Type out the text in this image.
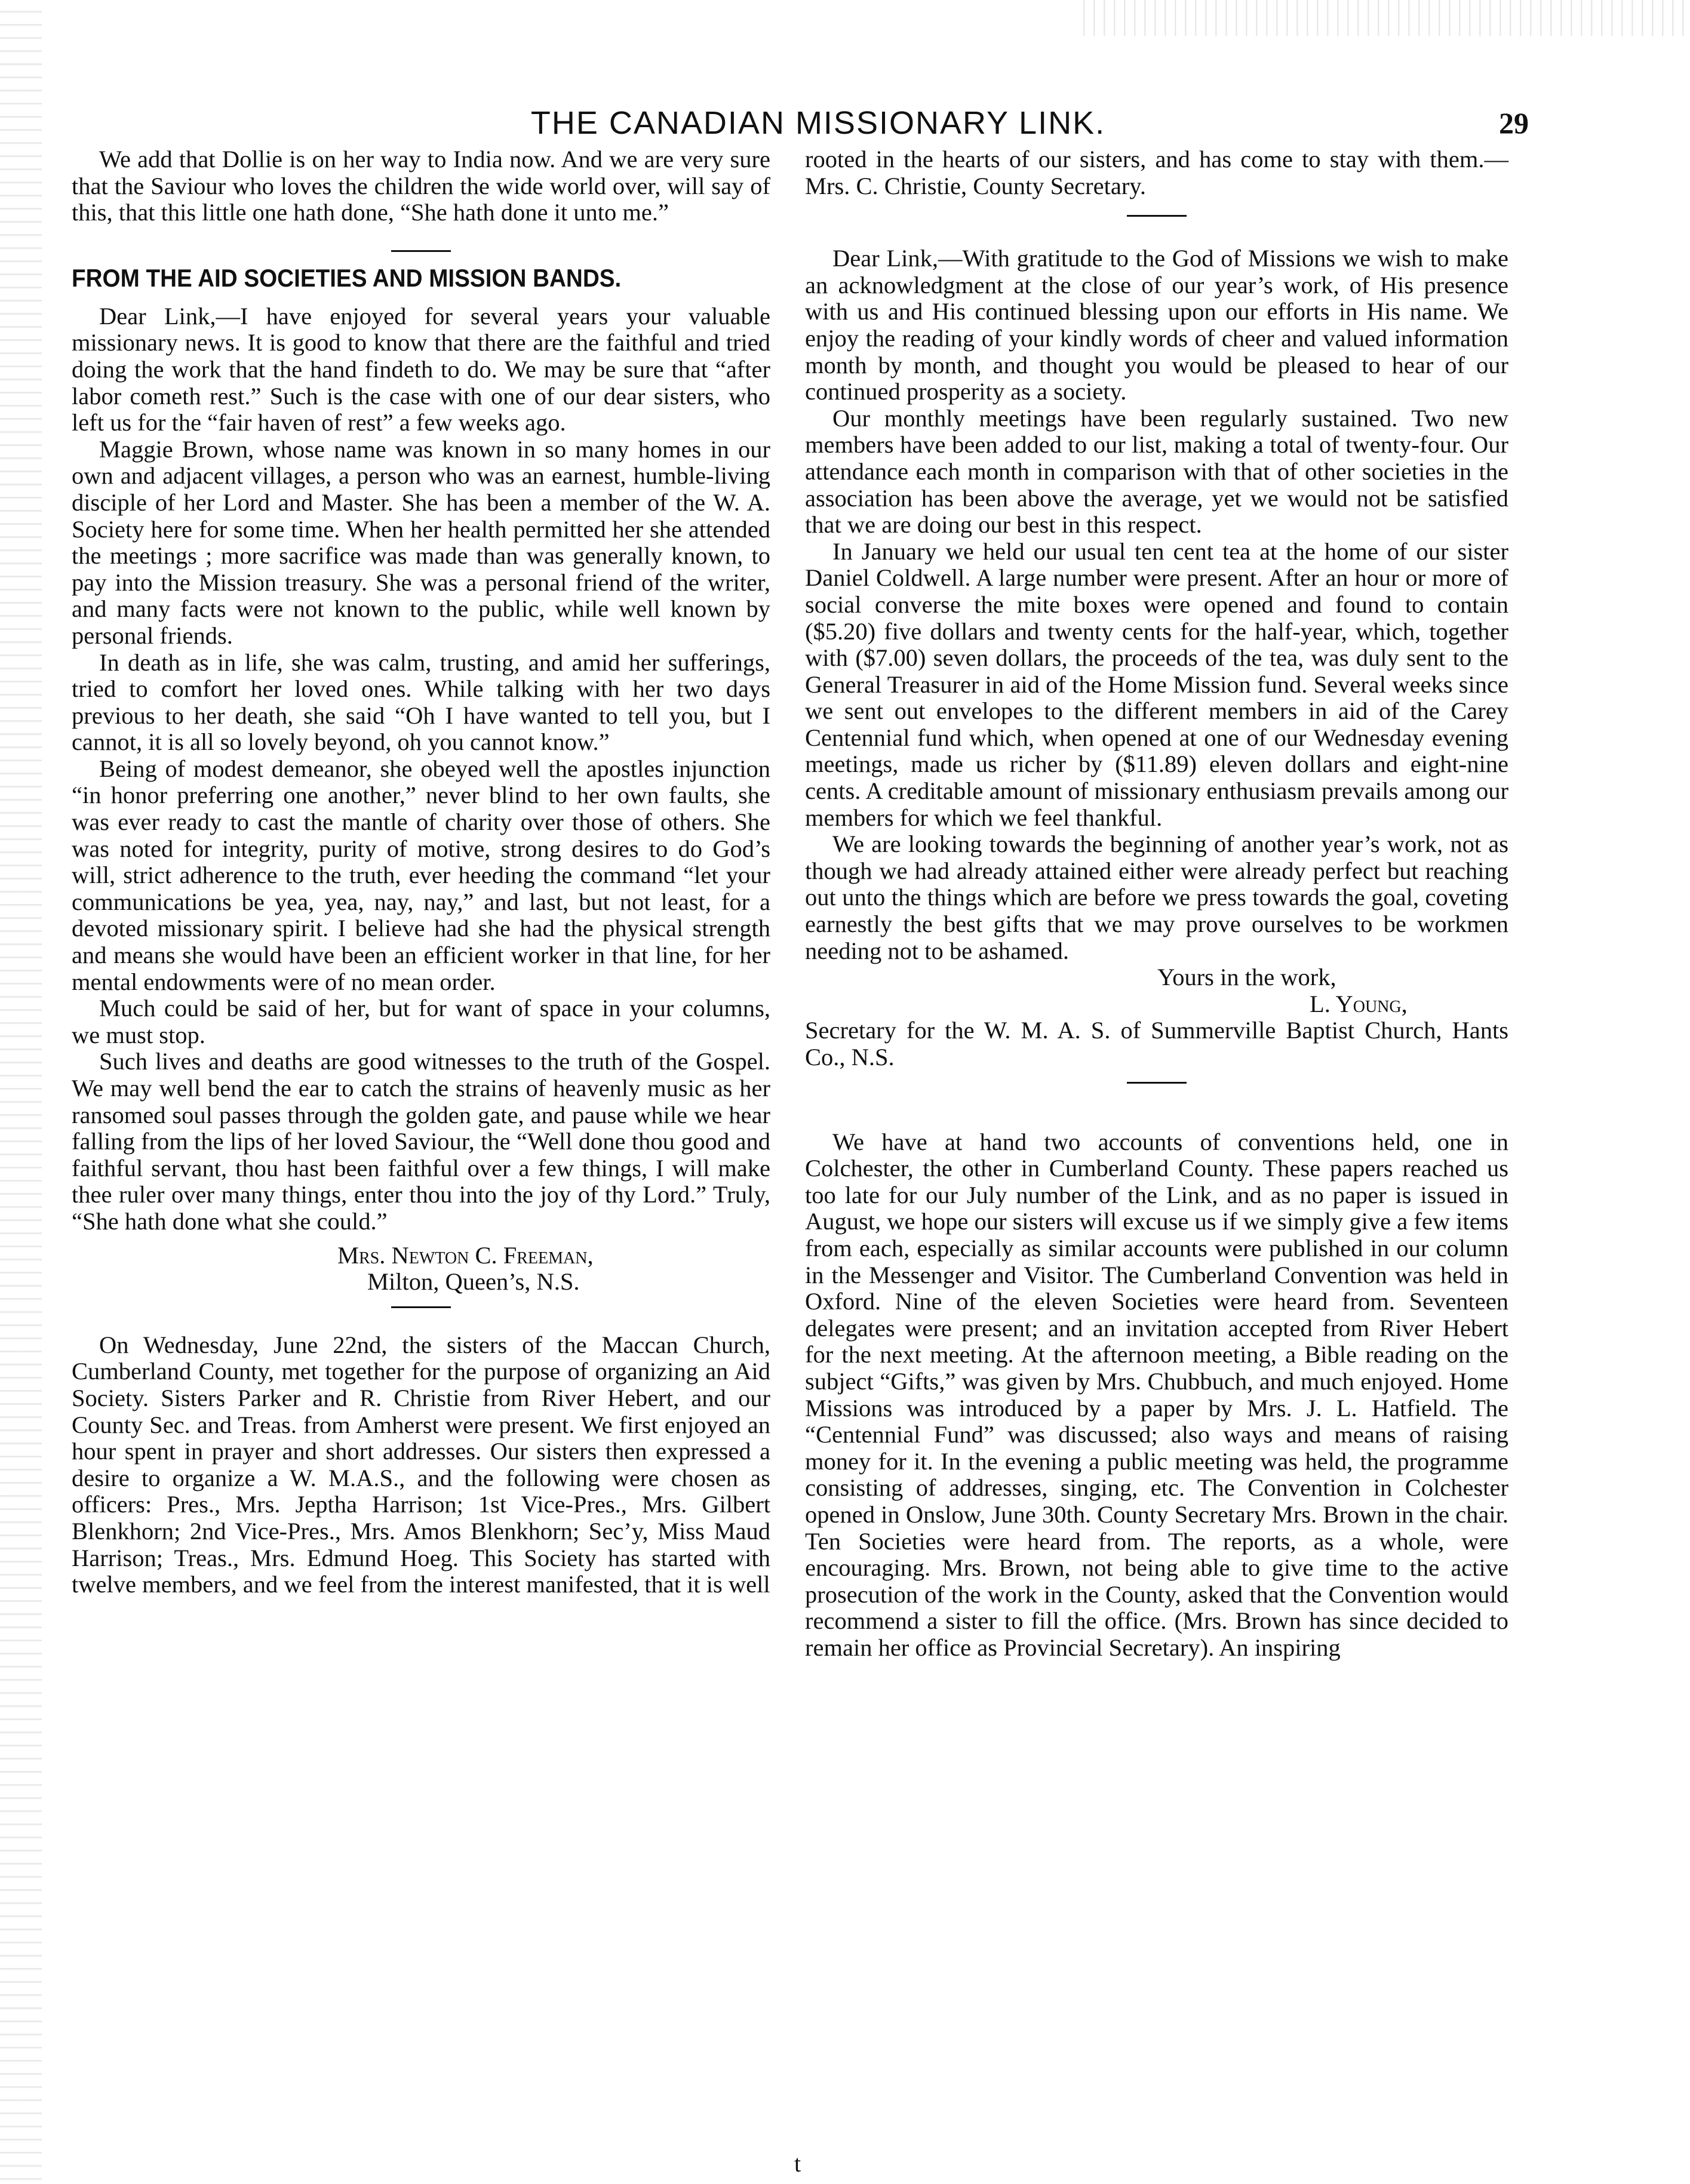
THE CANADIAN MISSIONARY LINK.	29

We add that Dollie is on her way to India now. And we are very sure that the Saviour who loves the children the wide world over, will say of this, that this little one hath done, “She hath done it unto me.”

FROM THE AID SOCIETIES AND MISSION BANDS.

Dear Link,—I have enjoyed for several years your valuable missionary news. It is good to know that there are the faithful and tried doing the work that the hand findeth to do. We may be sure that “after labor cometh rest.” Such is the case with one of our dear sisters, who left us for the “fair haven of rest” a few weeks ago.

Maggie Brown, whose name was known in so many homes in our own and adjacent villages, a person who was an earnest, humble-living disciple of her Lord and Master. She has been a member of the W. A. Society here for some time. When her health permitted her she attended the meetings ; more sacrifice was made than was generally known, to pay into the Mission treasury. She was a personal friend of the writer, and many facts were not known to the public, while well known by personal friends.

In death as in life, she was calm, trusting, and amid her sufferings, tried to comfort her loved ones. While talking with her two days previous to her death, she said “Oh I have wanted to tell you, but I cannot, it is all so lovely beyond, oh you cannot know.”

Being of modest demeanor, she obeyed well the apostles injunction “in honor preferring one another,” never blind to her own faults, she was ever ready to cast the mantle of charity over those of others. She was noted for integrity, purity of motive, strong desires to do God’s will, strict adherence to the truth, ever heeding the command “let your communications be yea, yea, nay, nay,” and last, but not least, for a devoted missionary spirit. I believe had she had the physical strength and means she would have been an efficient worker in that line, for her mental endowments were of no mean order.

Much could be said of her, but for want of space in your columns, we must stop.

Such lives and deaths are good witnesses to the truth of the Gospel. We may well bend the ear to catch the strains of heavenly music as her ransomed soul passes through the golden gate, and pause while we hear falling from the lips of her loved Saviour, the “Well done thou good and faithful servant, thou hast been faithful over a few things, I will make thee ruler over many things, enter thou into the joy of thy Lord.” Truly, “She hath done what she could.”

Mrs. Newton C. Freeman,

Milton, Queen’s, N.S.

On Wednesday, June 22nd, the sisters of the Maccan Church, Cumberland County, met together for the purpose of organizing an Aid Society. Sisters Parker and R. Christie from River Hebert, and our County Sec. and Treas. from Amherst were present. We first enjoyed an hour spent in prayer and short addresses. Our sisters then expressed a desire to organize a W. M.A.S., and the following were chosen as officers: Pres., Mrs. Jeptha Harrison; 1st Vice-Pres., Mrs. Gilbert Blenkhorn; 2nd Vice-Pres., Mrs. Amos Blenkhorn; Sec’y, Miss Maud Harrison; Treas., Mrs. Edmund Hoeg. This Society has started with twelve members, and we feel from the interest manifested, that it is well

rooted in the hearts of our sisters, and has come to stay with them.—Mrs. C. Christie, County Secretary.

Dear Link,—With gratitude to the God of Missions we wish to make an acknowledgment at the close of our year’s work, of His presence with us and His continued blessing upon our efforts in His name. We enjoy the reading of your kindly words of cheer and valued information month by month, and thought you would be pleased to hear of our continued prosperity as a society.

Our monthly meetings have been regularly sustained. Two new members have been added to our list, making a total of twenty-four. Our attendance each month in comparison with that of other societies in the association has been above the average, yet we would not be satisfied that we are doing our best in this respect.

In January we held our usual ten cent tea at the home of our sister Daniel Coldwell. A large number were present. After an hour or more of social converse the mite boxes were opened and found to contain ($5.20) five dollars and twenty cents for the half-year, which, together with ($7.00) seven dollars, the proceeds of the tea, was duly sent to the General Treasurer in aid of the Home Mission fund. Several weeks since we sent out envelopes to the different members in aid of the Carey Centennial fund which, when opened at one of our Wednesday evening meetings, made us richer by ($11.89) eleven dollars and eight-nine cents. A creditable amount of missionary enthusiasm prevails among our members for which we feel thankful.

We are looking towards the beginning of another year’s work, not as though we had already attained either were already perfect but reaching out unto the things which are before we press towards the goal, coveting earnestly the best gifts that we may prove ourselves to be workmen needing not to be ashamed.

Yours in the work,

L. Young,

Secretary for the W. M. A. S. of Summerville Baptist Church, Hants Co., N.S.

We have at hand two accounts of conventions held, one in Colchester, the other in Cumberland County. These papers reached us too late for our July number of the Link, and as no paper is issued in August, we hope our sisters will excuse us if we simply give a few items from each, especially as similar accounts were published in our column in the Messenger and Visitor. The Cumberland Convention was held in Oxford. Nine of the eleven Societies were heard from. Seventeen delegates were present; and an invitation accepted from River Hebert for the next meeting. At the afternoon meeting, a Bible reading on the subject “Gifts,” was given by Mrs. Chubbuch, and much enjoyed. Home Missions was introduced by a paper by Mrs. J. L. Hatfield. The “Centennial Fund” was discussed; also ways and means of raising money for it. In the evening a public meeting was held, the programme consisting of addresses, singing, etc. The Convention in Colchester opened in Onslow, June 30th. County Secretary Mrs. Brown in the chair. Ten Societies were heard from. The reports, as a whole, were encouraging. Mrs. Brown, not being able to give time to the active prosecution of the work in the County, asked that the Convention would recommend a sister to fill the office. (Mrs. Brown has since decided to remain her office as Provincial Secretary). An inspiring

t
